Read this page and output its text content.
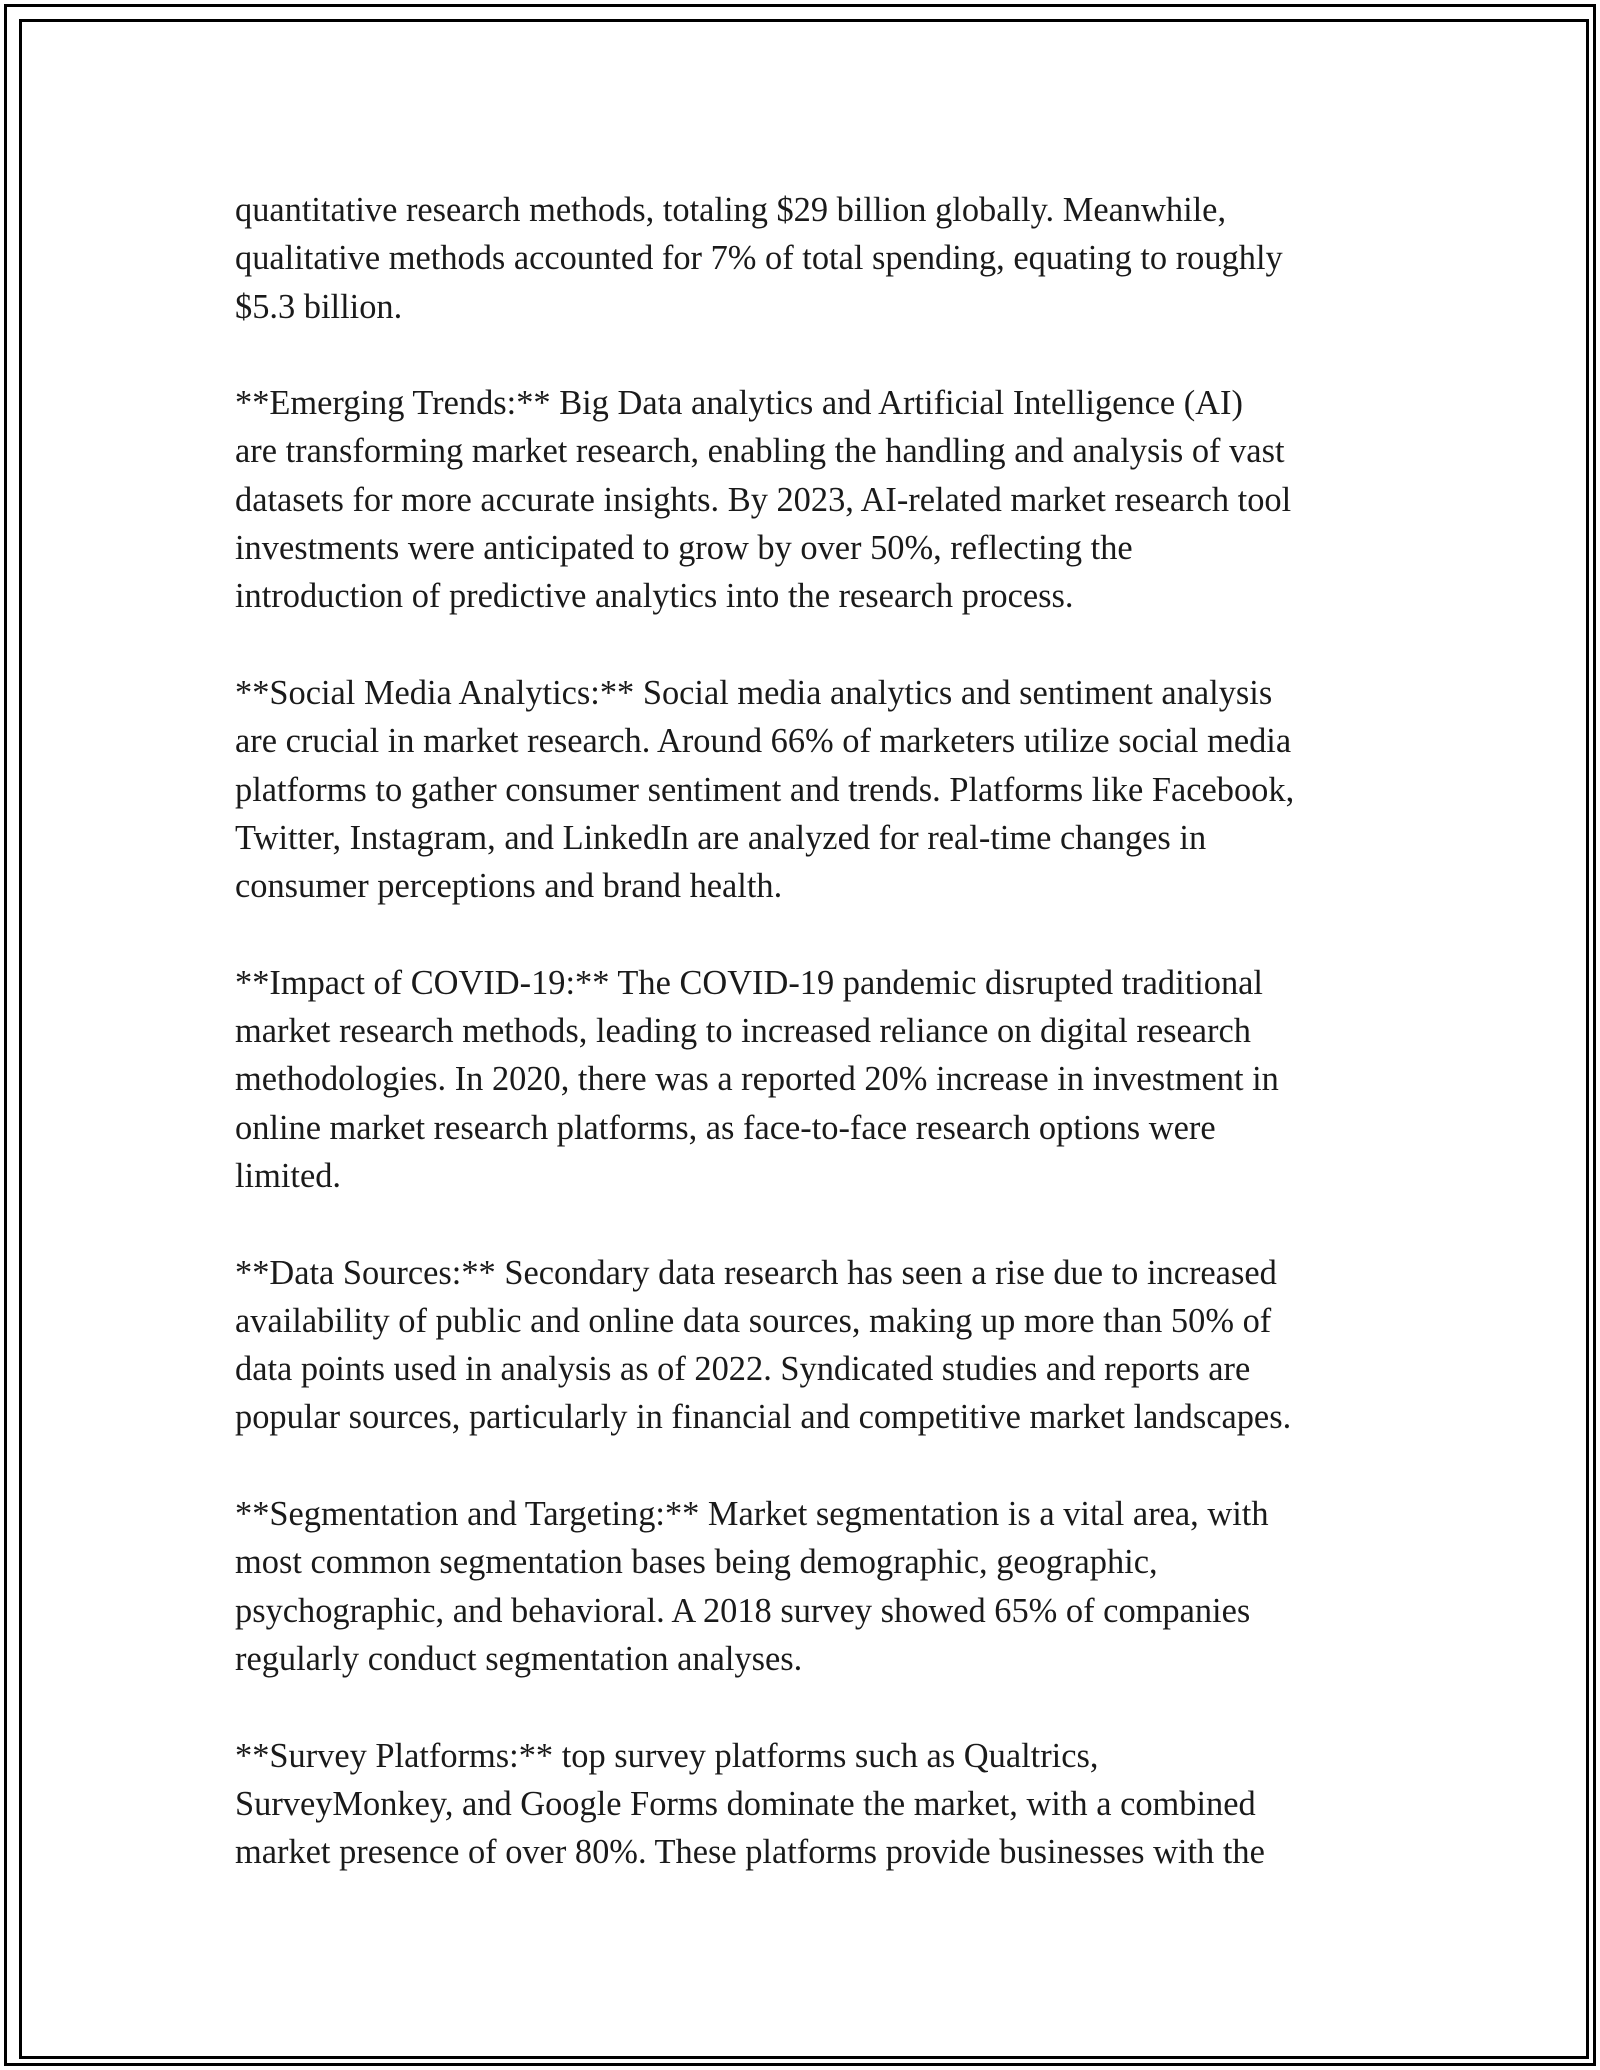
quantitative research methods, totaling $29 billion globally. Meanwhile,
qualitative methods accounted for 7% of total spending, equating to roughly
$5.3 billion.

**Emerging Trends:** Big Data analytics and Artificial Intelligence (AI)
are transforming market research, enabling the handling and analysis of vast
datasets for more accurate insights. By 2023, AI-related market research tool
investments were anticipated to grow by over 50%, reflecting the
introduction of predictive analytics into the research process.

**Social Media Analytics:** Social media analytics and sentiment analysis
are crucial in market research. Around 66% of marketers utilize social media
platforms to gather consumer sentiment and trends. Platforms like Facebook,
Twitter, Instagram, and LinkedIn are analyzed for real-time changes in
consumer perceptions and brand health.

**Impact of COVID-19:** The COVID-19 pandemic disrupted traditional
market research methods, leading to increased reliance on digital research
methodologies. In 2020, there was a reported 20% increase in investment in
online market research platforms, as face-to-face research options were
limited.

**Data Sources:** Secondary data research has seen a rise due to increased
availability of public and online data sources, making up more than 50% of
data points used in analysis as of 2022. Syndicated studies and reports are
popular sources, particularly in financial and competitive market landscapes.

**Segmentation and Targeting:** Market segmentation is a vital area, with
most common segmentation bases being demographic, geographic,
psychographic, and behavioral. A 2018 survey showed 65% of companies
regularly conduct segmentation analyses.

**Survey Platforms:** top survey platforms such as Qualtrics,
SurveyMonkey, and Google Forms dominate the market, with a combined
market presence of over 80%. These platforms provide businesses with the
